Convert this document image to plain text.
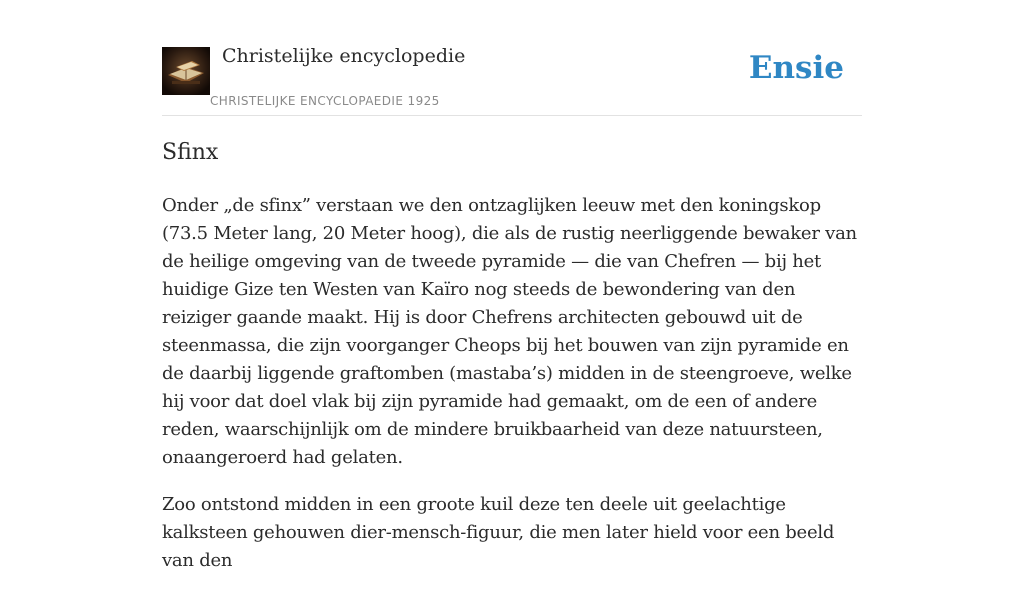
Christelijke encyclopedie
CHRISTELIJKE ENCYCLOPAEDIE 1925
Ensie
Sfinx

Onder „de sfinx” verstaan we den ontzaglijken leeuw met den koningskop (73.5 Meter lang, 20 Meter hoog), die als de rustig neerliggende bewaker van de heilige omgeving van de tweede pyramide — die van Chefren — bij het huidige Gize ten Westen van Kaïro nog steeds de bewondering van den reiziger gaande maakt. Hij is door Chefrens architecten gebouwd uit de steenmassa, die zijn voorganger Cheops bij het bouwen van zijn pyramide en de daarbij liggende graftomben (mastaba’s) midden in de steengroeve, welke hij voor dat doel vlak bij zijn pyramide had gemaakt, om de een of andere reden, waarschijnlijk om de mindere bruikbaarheid van deze natuursteen, onaangeroerd had gelaten.

Zoo ontstond midden in een groote kuil deze ten deele uit geelachtige kalksteen gehouwen dier-mensch-figuur, die men later hield voor een beeld van den
